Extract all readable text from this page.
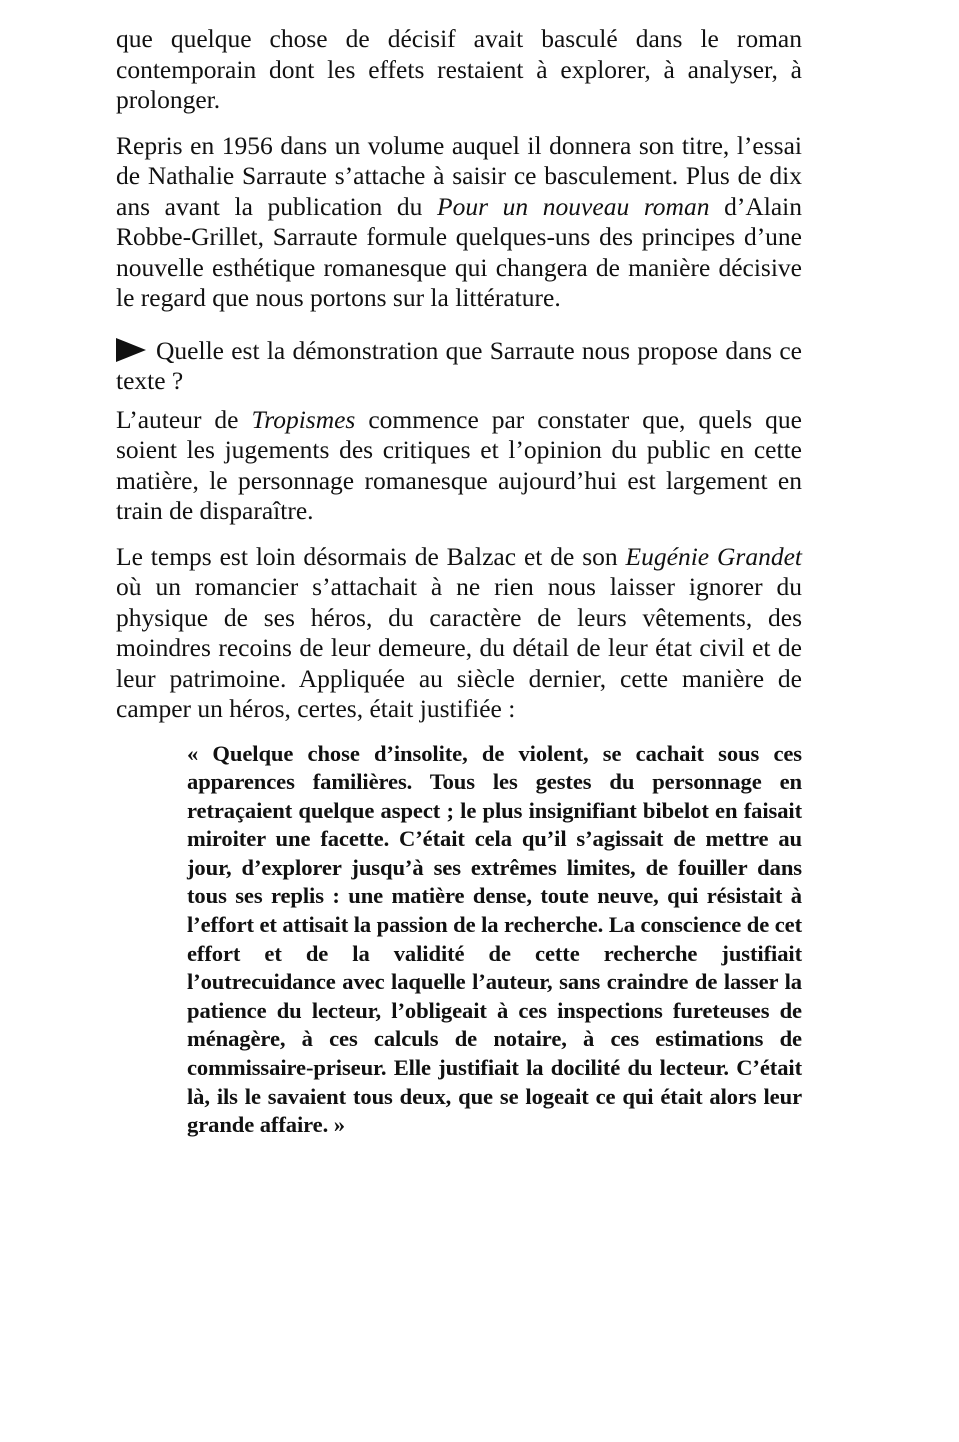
que quelque chose de décisif avait basculé dans le roman contemporain dont les effets restaient à explorer, à analyser, à prolonger.

Repris en 1956 dans un volume auquel il donnera son titre, l’essai de Nathalie Sarraute s’attache à saisir ce basculement. Plus de dix ans avant la publication du Pour un nouveau roman d’Alain Robbe-Grillet, Sarraute formule quelques-uns des principes d’une nouvelle esthétique romanesque qui changera de manière décisive le regard que nous portons sur la littérature.

Quelle est la démonstration que Sarraute nous propose dans ce texte ?

L’auteur de Tropismes commence par constater que, quels que soient les jugements des critiques et l’opinion du public en cette matière, le personnage romanesque aujourd’hui est largement en train de disparaître.

Le temps est loin désormais de Balzac et de son Eugénie Grandet où un romancier s’attachait à ne rien nous laisser ignorer du physique de ses héros, du caractère de leurs vêtements, des moindres recoins de leur demeure, du détail de leur état civil et de leur patrimoine. Appliquée au siècle dernier, cette manière de camper un héros, certes, était justifiée :

« Quelque chose d’insolite, de violent, se cachait sous ces apparences familières. Tous les gestes du personnage en retraçaient quelque aspect ; le plus insignifiant bibelot en faisait miroiter une facette. C’était cela qu’il s’agissait de mettre au jour, d’explorer jusqu’à ses extrêmes limites, de fouiller dans tous ses replis : une matière dense, toute neuve, qui résistait à l’effort et attisait la passion de la recherche. La conscience de cet effort et de la validité de cette recherche justifiait l’outrecuidance avec laquelle l’auteur, sans craindre de lasser la patience du lecteur, l’obligeait à ces inspections fureteuses de ménagère, à ces calculs de notaire, à ces estimations de commissaire-priseur. Elle justifiait la docilité du lecteur. C’était là, ils le savaient tous deux, que se logeait ce qui était alors leur grande affaire. »
